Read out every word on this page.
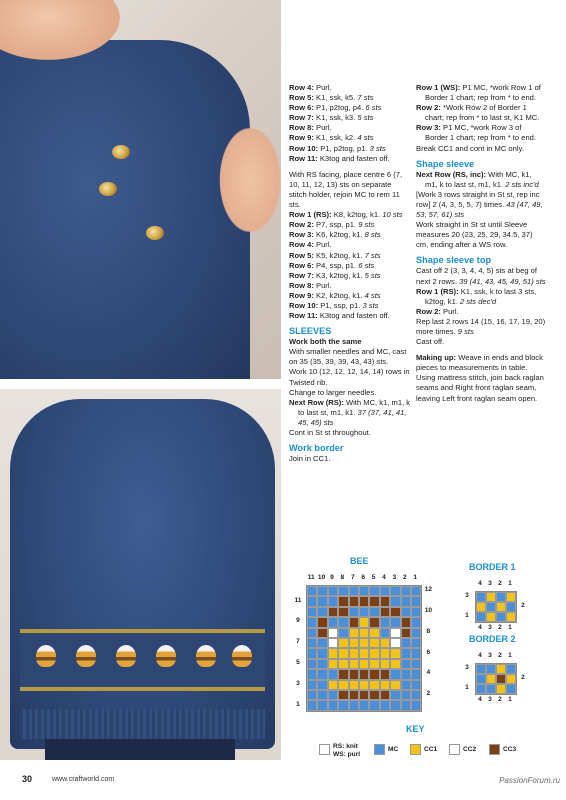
Row 4: Purl.
Row 5: K1, ssk, k5. 7 sts
Row 6: P1, p2tog, p4. 6 sts
Row 7: K1, ssk, k3. 5 sts
Row 8: Purl.
Row 9: K1, ssk, k2. 4 sts
Row 10: P1, p2tog, p1. 3 sts
Row 11: K3tog and fasten off.
With RS facing, place centre 6 (7, 10, 11, 12, 13) sts on separate stitch holder, rejoin MC to rem 11 sts.
Row 1 (RS): K8, k2tog, k1. 10 sts
Row 2: P7, ssp, p1. 9 sts
Row 3: K6, k2tog, k1. 8 sts
Row 4: Purl.
Row 5: K5, k2tog, k1. 7 sts
Row 6: P4, ssp, p1. 6 sts
Row 7: K3, k2tog, k1. 5 sts
Row 8: Purl.
Row 9: K2, k2tog, k1. 4 sts
Row 10: P1, ssp, p1. 3 sts
Row 11: K3tog and fasten off.
SLEEVES
Work both the same
With smaller needles and MC, cast on 35 (35, 39, 39, 43, 43) sts.
Work 10 (12, 12, 12, 14, 14) rows in Twisted rib.
Change to larger needles.
Next Row (RS): With MC, k1, m1, k to last st, m1, k1. 37 (37, 41, 41, 45, 45) sts
Cont in St st throughout.
Work border
Join in CC1.
Row 1 (WS): P1 MC, *work Row 1 of Border 1 chart; rep from * to end.
Row 2: *Work Row 2 of Border 1 chart; rep from * to last st, K1 MC.
Row 3: P1 MC, *work Row 3 of Border 1 chart; rep from * to end.
Break CC1 and cont in MC only.
Shape sleeve
Next Row (RS, inc): With MC, k1, m1, k to last st, m1, k1. 2 sts inc'd
[Work 3 rows straight in St st, rep inc row] 2 (4, 3, 5, 5, 7) times. 43 (47, 49, 53, 57, 61) sts
Work straight in St st until Sleeve measures 20 (23, 25, 29, 34.5, 37) cm, ending after a WS row.
Shape sleeve top
Cast off 2 (3, 3, 4, 4, 5) sts at beg of next 2 rows. 39 (41, 43, 45, 49, 51) sts
Row 1 (RS): K1, ssk, k to last 3 sts, k2tog, k1. 2 sts dec'd
Row 2: Purl.
Rep last 2 rows 14 (15, 16, 17, 19, 20) more times. 9 sts
Cast off.
Making up: Weave in ends and block pieces to measurements in table. Using mattress stitch, join back raglan seams and Right front raglan seam, leaving Left front raglan seam open.
BEE
11 10 9	8	7	6	5	4	3	2	1
11
9
7
5
3
1
12
10
8
6
4
2
BORDER 1
4 3 2 1
4 3 2 1
3
1
2
BORDER 2
4 3 2 1
4 3 2 1
3
1
2
KEY
RS: knit
WS: purl
MC	CC1	CC2	CC3
30	www.craftworld.com	PassionForum.ru
